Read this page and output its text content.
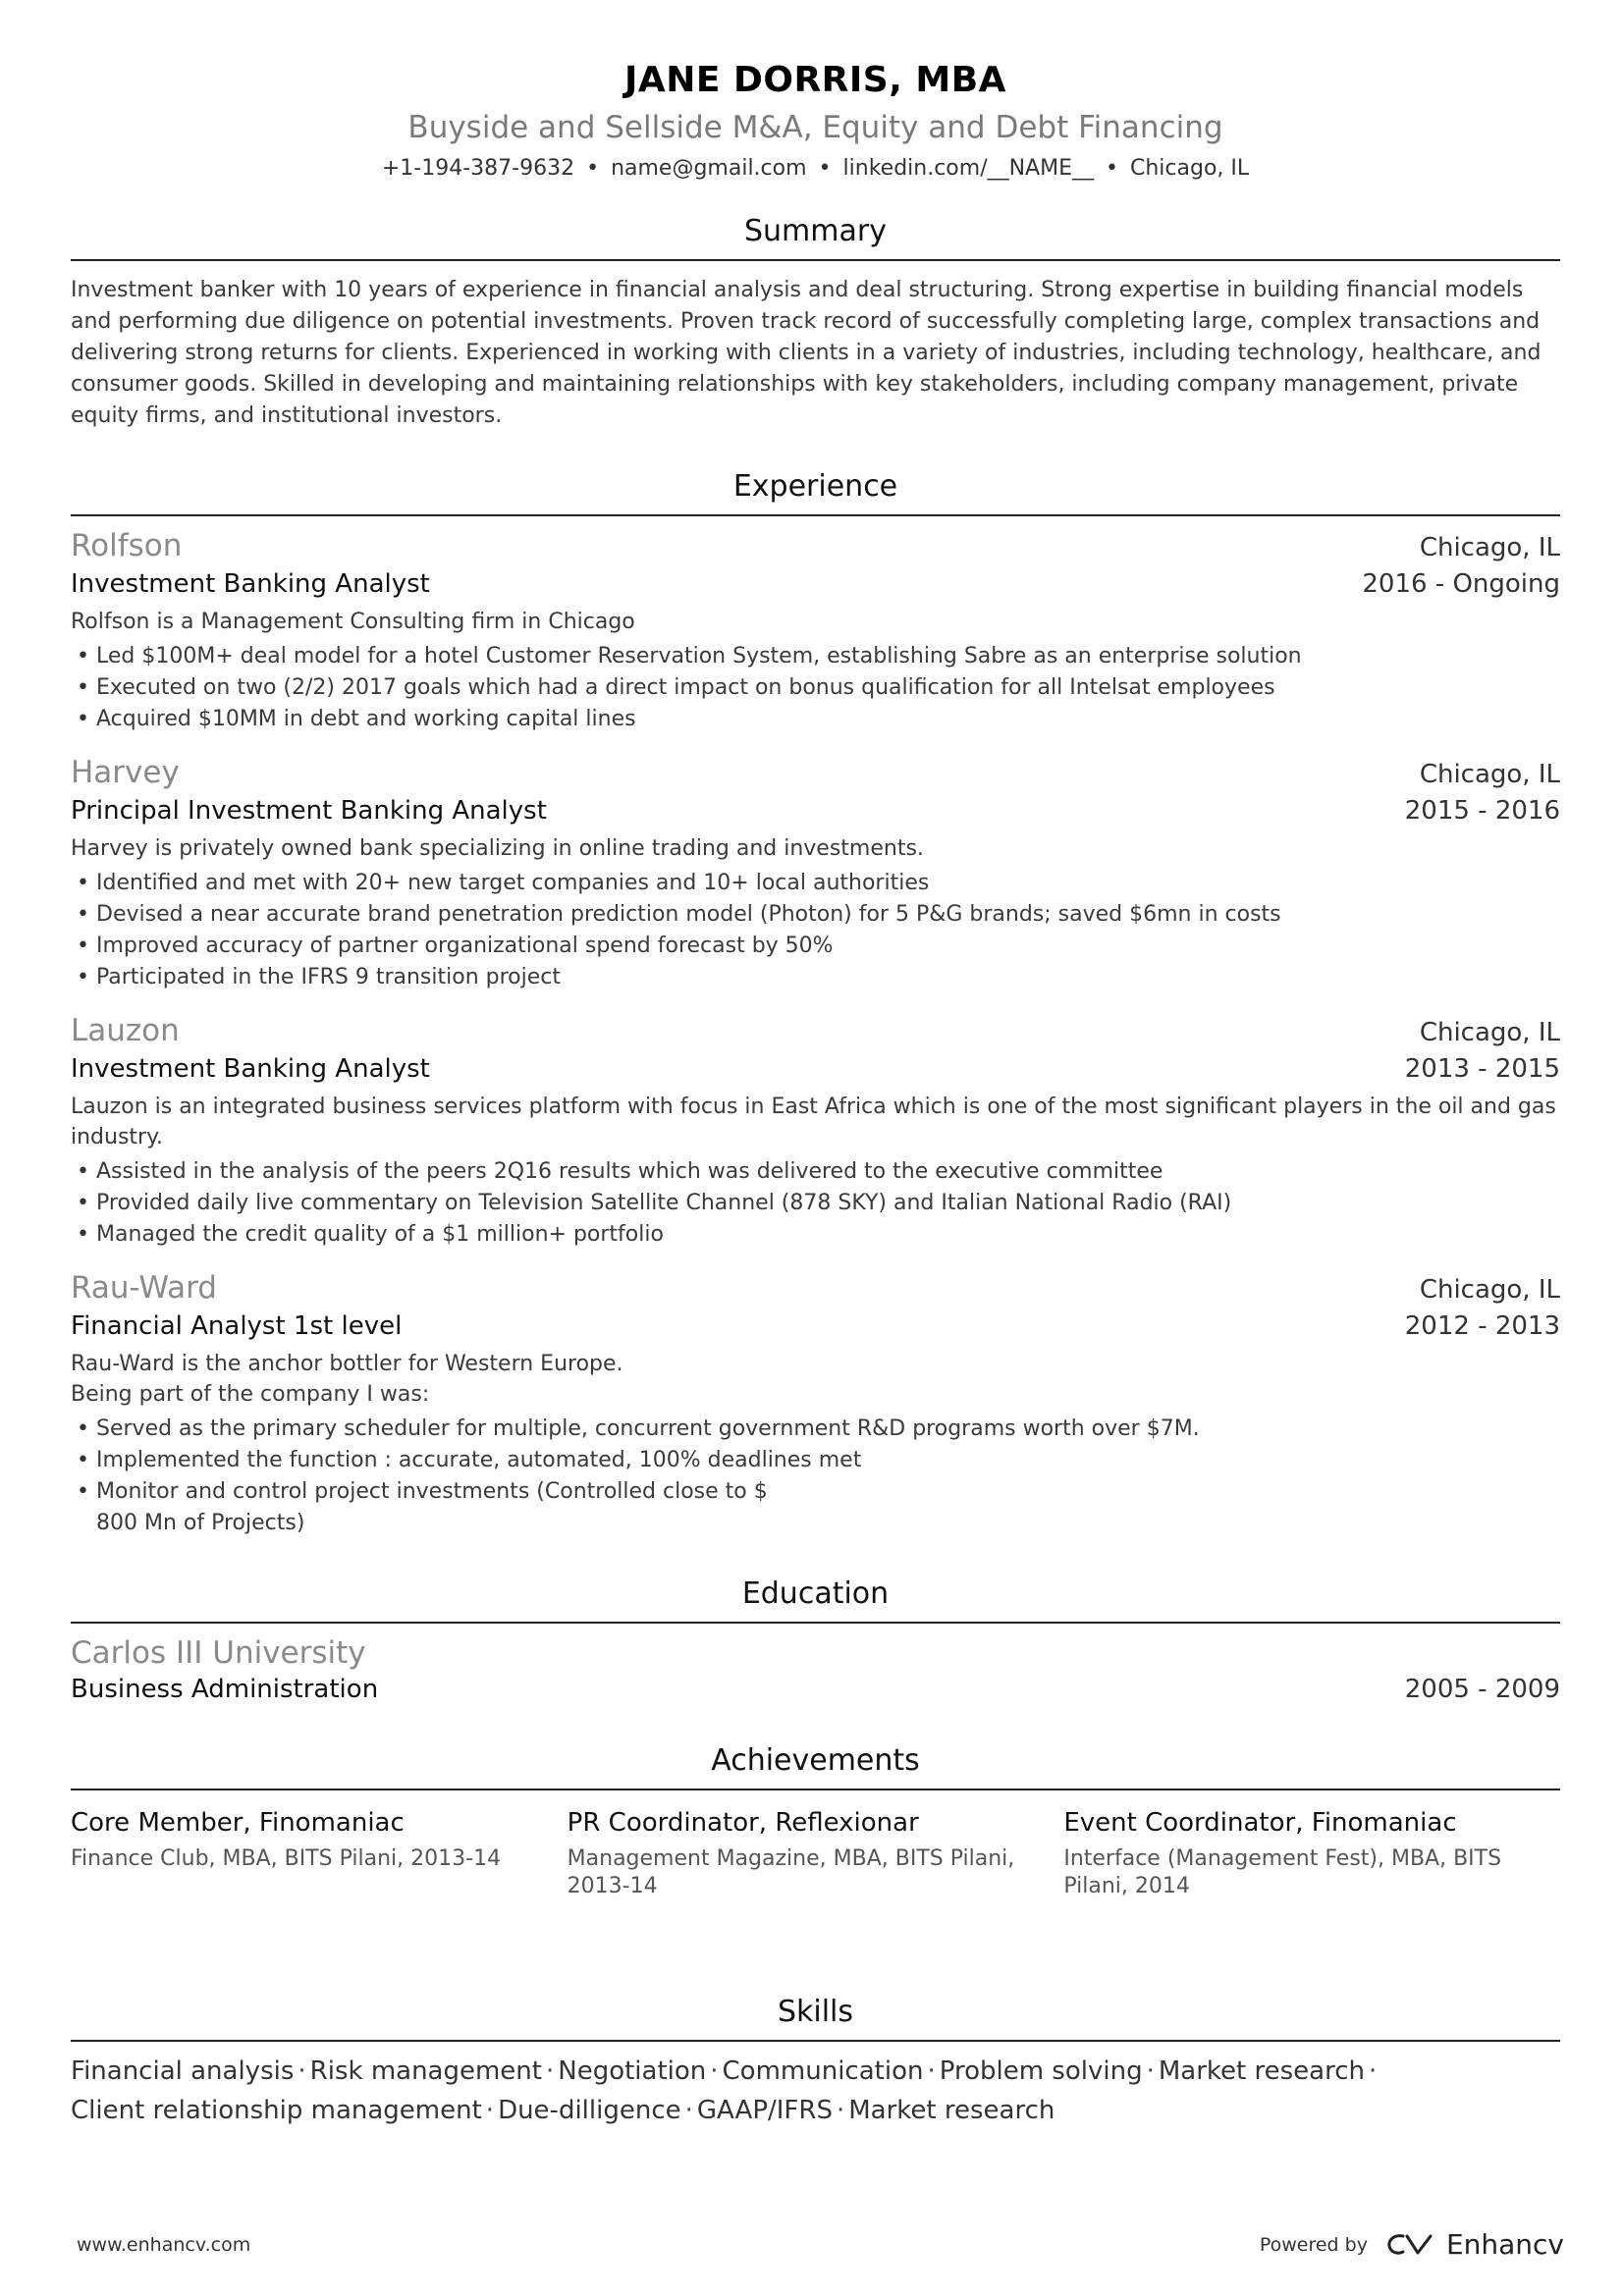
JANE DORRIS, MBA
Buyside and Sellside M&A, Equity and Debt Financing
+1-194-387-9632 • name@gmail.com • linkedin.com/__NAME__ • Chicago, IL
Summary
Investment banker with 10 years of experience in financial analysis and deal structuring. Strong expertise in building financial models and performing due diligence on potential investments. Proven track record of successfully completing large, complex transactions and delivering strong returns for clients. Experienced in working with clients in a variety of industries, including technology, healthcare, and consumer goods. Skilled in developing and maintaining relationships with key stakeholders, including company management, private equity firms, and institutional investors.
Experience
Rolfson	Chicago, IL
Investment Banking Analyst	2016 - Ongoing
Rolfson is a Management Consulting firm in Chicago
• Led $100M+ deal model for a hotel Customer Reservation System, establishing Sabre as an enterprise solution
• Executed on two (2/2) 2017 goals which had a direct impact on bonus qualification for all Intelsat employees
• Acquired $10MM in debt and working capital lines
Harvey	Chicago, IL
Principal Investment Banking Analyst	2015 - 2016
Harvey is privately owned bank specializing in online trading and investments.
• Identified and met with 20+ new target companies and 10+ local authorities
• Devised a near accurate brand penetration prediction model (Photon) for 5 P&G brands; saved $6mn in costs
• Improved accuracy of partner organizational spend forecast by 50%
• Participated in the IFRS 9 transition project
Lauzon	Chicago, IL
Investment Banking Analyst	2013 - 2015
Lauzon is an integrated business services platform with focus in East Africa which is one of the most significant players in the oil and gas industry.
• Assisted in the analysis of the peers 2Q16 results which was delivered to the executive committee
• Provided daily live commentary on Television Satellite Channel (878 SKY) and Italian National Radio (RAI)
• Managed the credit quality of a $1 million+ portfolio
Rau-Ward	Chicago, IL
Financial Analyst 1st level	2012 - 2013
Rau-Ward is the anchor bottler for Western Europe.
Being part of the company I was:
• Served as the primary scheduler for multiple, concurrent government R&D programs worth over $7M.
• Implemented the function : accurate, automated, 100% deadlines met
• Monitor and control project investments (Controlled close to $
800 Mn of Projects)
Education
Carlos III University
Business Administration	2005 - 2009
Achievements
Core Member, Finomaniac
Finance Club, MBA, BITS Pilani, 2013-14
PR Coordinator, Reflexionar
Management Magazine, MBA, BITS Pilani, 2013-14
Event Coordinator, Finomaniac
Interface (Management Fest), MBA, BITS Pilani, 2014
Skills
Financial analysis · Risk management · Negotiation · Communication · Problem solving · Market research ·
Client relationship management · Due-dilligence · GAAP/IFRS · Market research
www.enhancv.com	Powered by	Enhancv
